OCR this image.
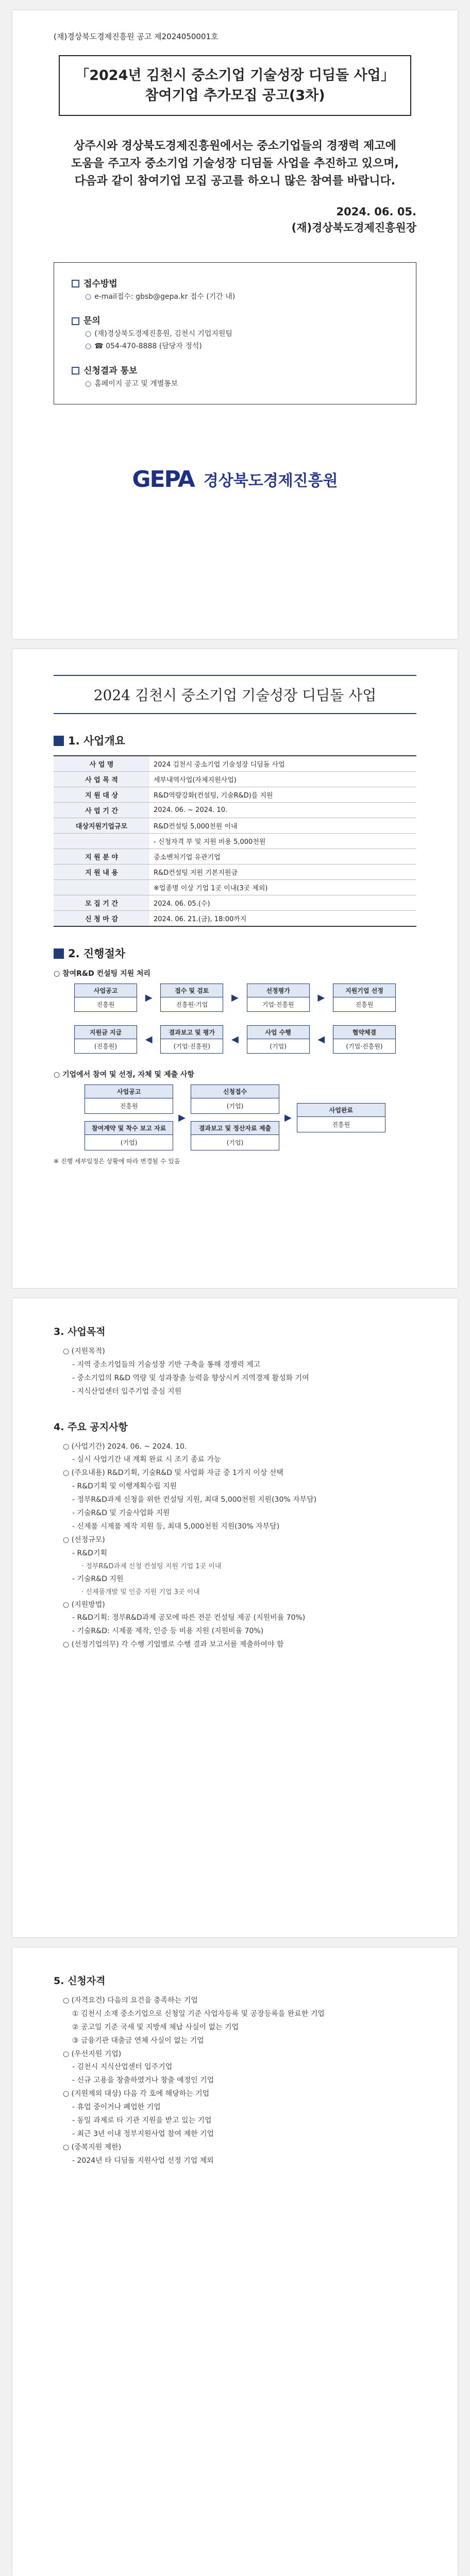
(재)경상북도경제진흥원 공고 제2024050001호
「2024년 김천시 중소기업 기술성장 디딤돌 사업」
참여기업 추가모집 공고(3차)
상주시와 경상북도경제진흥원에서는 중소기업들의 경쟁력 제고에
도움을 주고자 중소기업 기술성장 디딤돌 사업을 추진하고 있으며,
다음과 같이 참여기업 모집 공고를 하오니 많은 참여를 바랍니다.
2024. 06. 05.
(재)경상북도경제진흥원장
접수방법
○ e-mail접수: gbsb@gepa.kr 접수 (기간 내)
문의
○ (재)경상북도경제진흥원, 김천시 기업지원팀
○ ☎ 054-470-8888 (담당자 정석)
신청결과 통보
○ 홈페이지 공고 및 개별통보
GEPA 경상북도경제진흥원
2024 김천시 중소기업 기술성장 디딤돌 사업
1. 사업개요
사 업 명	2024 김천시 중소기업 기술성장 디딤돌 사업
사 업 목 적	세부내역사업(자체지원사업)
지 원 대 상	R&D역량강화(컨설팅, 기술R&D)를 지원
사 업 기 간	2024. 06. ~ 2024. 10.
대상지원기업규모	R&D컨설팅 5,000천원 이내
	- 신청자격 부 및 지원 비용 5,000천원
지 원 분 야	중소벤처기업 유관기업
지 원 내 용	R&D컨설팅 지원 기본지원금
	※업종명 이상 기업 1곳 이내(3곳 제외)
모 집 기 간	2024. 06. 05.(수)
신 청 마 감	2024. 06. 21.(금), 18:00까지
2. 진행절차
○ 참여R&D 컨설팅 지원 처리
사업공고
진흥원
▶
접수 및 검토
진흥원·기업
▶
선정평가
기업·진흥원
▶
지원기업 선정
진흥원
지원금 지급
(진흥원)
◀
결과보고 및 평가
(기업·진흥원)
◀
사업 수행
(기업)
◀
협약체결
(기업·진흥원)
○ 기업에서 참여 및 선정, 자체 및 제출 사항
사업공고
진흥원
참여계약 및 착수 보고 자료
(기업)
▶
신청접수
(기업)
결과보고 및 정산자료 제출
(기업)
▶
사업완료
진흥원
※ 진행 세부일정은 상황에 따라 변경될 수 있음
3. 사업목적
○ (지원목적)
- 지역 중소기업들의 기술성장 기반 구축을 통해 경쟁력 제고
- 중소기업의 R&D 역량 및 성과창출 능력을 향상시켜 지역경제 활성화 기여
- 지식산업센터 입주기업 중심 지원
4. 주요 공지사항
○ (사업기간) 2024. 06. ~ 2024. 10.
- 실시 사업기간 내 계획 완료 시 조기 종료 가능
○ (주요내용) R&D기획, 기술R&D 및 사업화 자금 중 1가지 이상 선택
- R&D기획 및 이행계획수립 지원
- 정부R&D과제 신청을 위한 컨설팅 지원, 최대 5,000천원 지원(30% 자부담)
- 기술R&D 및 기술사업화 지원
- 신제품 시제품 제작 지원 등, 최대 5,000천원 지원(30% 자부담)
○ (선정규모)
- R&D기획
· 정부R&D과제 신청 컨설팅 지원 기업 1곳 이내
- 기술R&D 지원
· 신제품개발 및 인증 지원 기업 3곳 이내
○ (지원방법)
- R&D기획: 정부R&D과제 공모에 따른 전문 컨설팅 제공 (지원비율 70%)
- 기술R&D: 시제품 제작, 인증 등 비용 지원 (지원비율 70%)
○ (선정기업의무) 각 수행 기업별로 수행 결과 보고서를 제출하여야 함
5. 신청자격
○ (자격요건) 다음의 요건을 충족하는 기업
① 김천시 소재 중소기업으로 신청일 기준 사업자등록 및 공장등록을 완료한 기업
② 공고일 기준 국세 및 지방세 체납 사실이 없는 기업
③ 금융기관 대출금 연체 사실이 없는 기업
○ (우선지원 기업)
- 김천시 지식산업센터 입주기업
- 신규 고용을 창출하였거나 창출 예정인 기업
○ (지원제외 대상) 다음 각 호에 해당하는 기업
- 휴업 중이거나 폐업한 기업
- 동일 과제로 타 기관 지원을 받고 있는 기업
- 최근 3년 이내 정부지원사업 참여 제한 기업
○ (중복지원 제한)
- 2024년 타 디딤돌 지원사업 선정 기업 제외
